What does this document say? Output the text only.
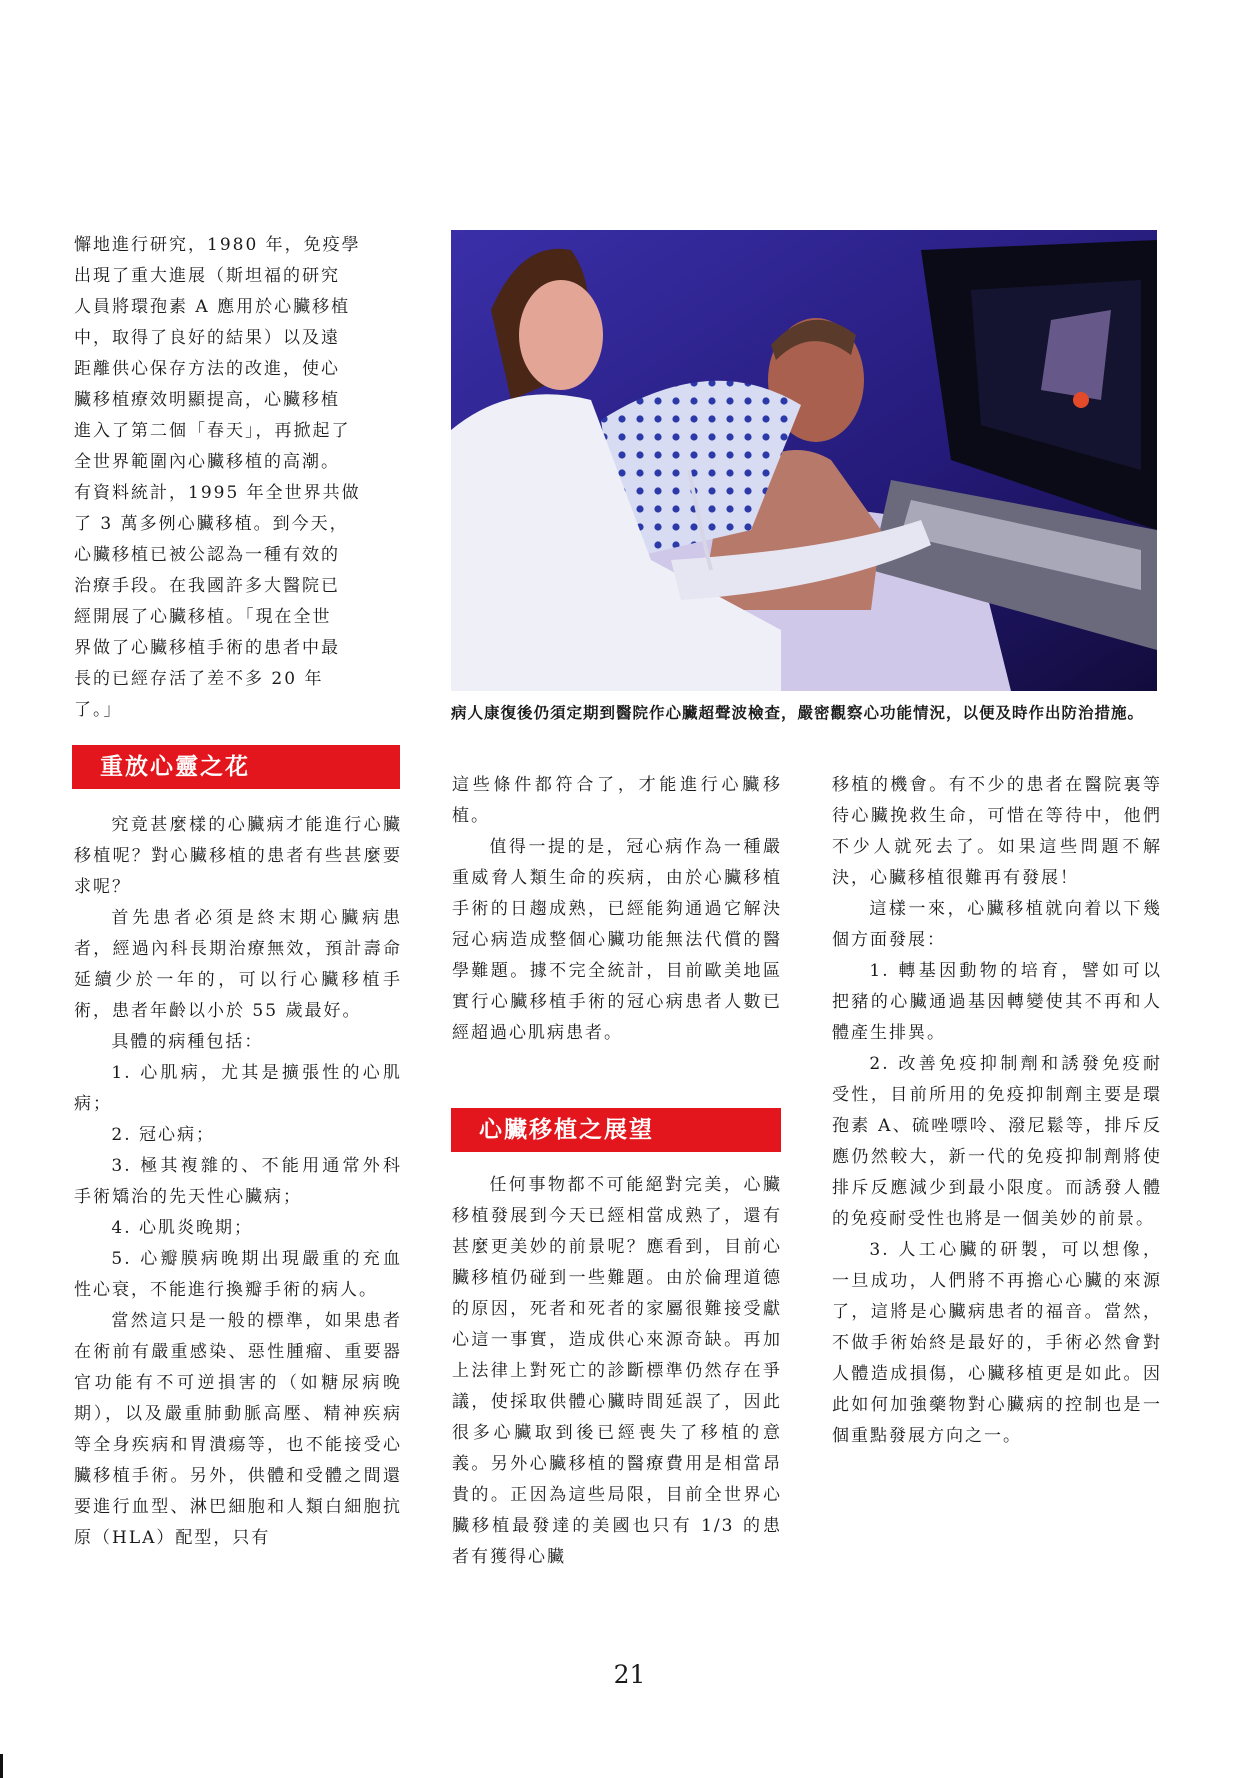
懈地進行研究，1980 年，免疫學

出現了重大進展（斯坦福的研究

人員將環孢素 A 應用於心臟移植

中，取得了良好的結果）以及遠

距離供心保存方法的改進，使心

臟移植療效明顯提高，心臟移植

進入了第二個「春天」，再掀起了

全世界範圍內心臟移植的高潮。

有資料統計，1995 年全世界共做

了 3 萬多例心臟移植。到今天，

心臟移植已被公認為一種有效的

治療手段。在我國許多大醫院已

經開展了心臟移植。「現在全世

界做了心臟移植手術的患者中最

長的已經存活了差不多 20 年

了。」

重放心靈之花

究竟甚麼樣的心臟病才能進行心臟移植呢？對心臟移植的患者有些甚麼要求呢？

首先患者必須是終末期心臟病患者，經過內科長期治療無效，預計壽命延續少於一年的，可以行心臟移植手術，患者年齡以小於 55 歲最好。

具體的病種包括：

1. 心肌病，尤其是擴張性的心肌病；

2. 冠心病；

3. 極其複雜的、不能用通常外科手術矯治的先天性心臟病；

4. 心肌炎晚期；

5. 心瓣膜病晚期出現嚴重的充血性心衰，不能進行換瓣手術的病人。

當然這只是一般的標準，如果患者在術前有嚴重感染、惡性腫瘤、重要器官功能有不可逆損害的（如糖尿病晚期），以及嚴重肺動脈高壓、精神疾病等全身疾病和胃潰瘍等，也不能接受心臟移植手術。另外，供體和受體之間還要進行血型、淋巴細胞和人類白細胞抗原（HLA）配型，只有

病人康復後仍須定期到醫院作心臟超聲波檢查，嚴密觀察心功能情況，以便及時作出防治措施。

這些條件都符合了，才能進行心臟移植。

值得一提的是，冠心病作為一種嚴重威脅人類生命的疾病，由於心臟移植手術的日趨成熟，已經能夠通過它解決冠心病造成整個心臟功能無法代償的醫學難題。據不完全統計，目前歐美地區實行心臟移植手術的冠心病患者人數已經超過心肌病患者。

心臟移植之展望

任何事物都不可能絕對完美，心臟移植發展到今天已經相當成熟了，還有甚麼更美妙的前景呢？應看到，目前心臟移植仍碰到一些難題。由於倫理道德的原因，死者和死者的家屬很難接受獻心這一事實，造成供心來源奇缺。再加上法律上對死亡的診斷標準仍然存在爭議，使採取供體心臟時間延誤了，因此很多心臟取到後已經喪失了移植的意義。另外心臟移植的醫療費用是相當昂貴的。正因為這些局限，目前全世界心臟移植最發達的美國也只有 1/3 的患者有獲得心臟

移植的機會。有不少的患者在醫院裏等待心臟挽救生命，可惜在等待中，他們不少人就死去了。如果這些問題不解決，心臟移植很難再有發展！

這樣一來，心臟移植就向着以下幾個方面發展：

1. 轉基因動物的培育，譬如可以把豬的心臟通過基因轉變使其不再和人體產生排異。

2. 改善免疫抑制劑和誘發免疫耐受性，目前所用的免疫抑制劑主要是環孢素 A、硫唑嘌呤、潑尼鬆等，排斥反應仍然較大，新一代的免疫抑制劑將使排斥反應減少到最小限度。而誘發人體的免疫耐受性也將是一個美妙的前景。

3. 人工心臟的研製，可以想像，一旦成功，人們將不再擔心心臟的來源了，這將是心臟病患者的福音。當然，不做手術始終是最好的，手術必然會對人體造成損傷，心臟移植更是如此。因此如何加強藥物對心臟病的控制也是一個重點發展方向之一。

21
